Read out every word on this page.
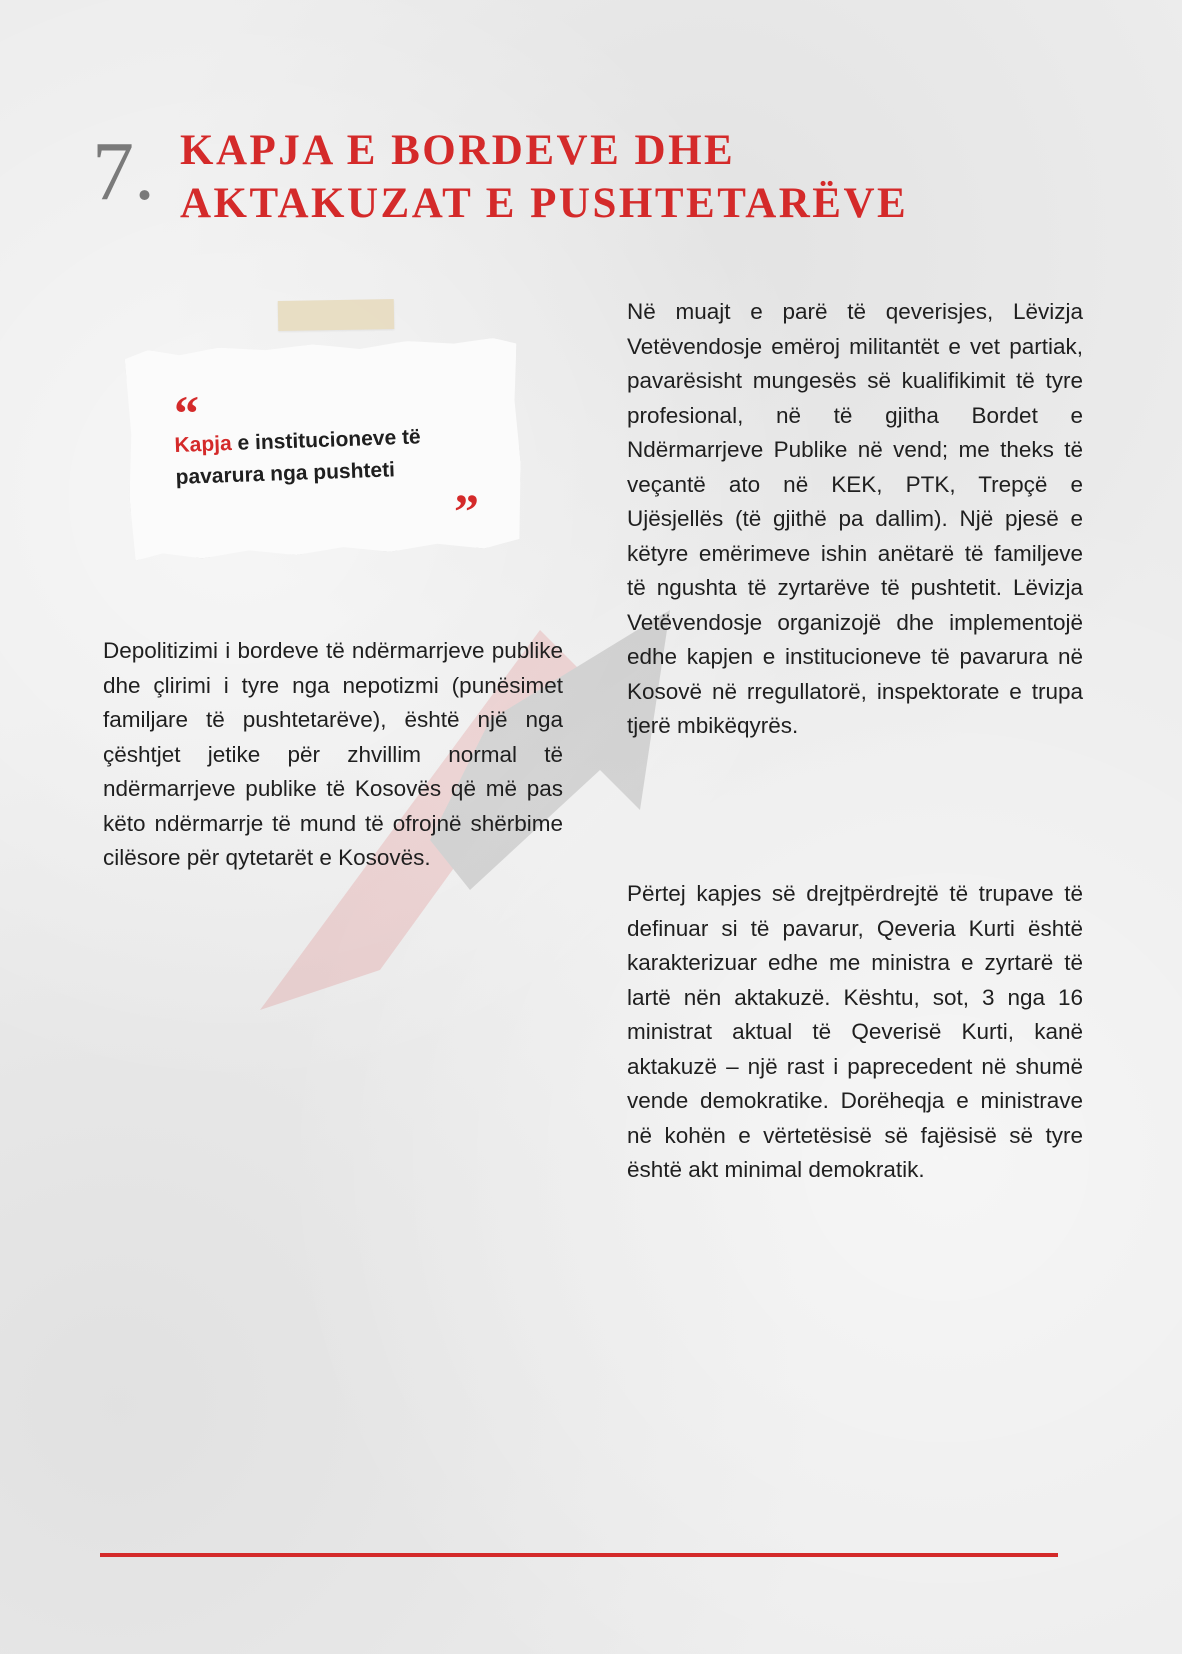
7. KAPJA E BORDEVE DHE
AKTAKUZAT E PUSHTETARËVE
“

Kapja e institucioneve të pavarura nga pushteti

”

Depolitizimi i bordeve të ndërmarrjeve publike dhe çlirimi i tyre nga nepotizmi (punësimet familjare të pushtetarëve), është një nga çështjet jetike për zhvillim normal të ndërmarrjeve publike të Kosovës që më pas këto ndërmarrje të mund të ofrojnë shërbime cilësore për qytetarët e Kosovës.

Në muajt e parë të qeverisjes, Lëvizja Vetëvendosje emëroj militantët e vet partiak, pavarësisht mungesës së kualifikimit të tyre profesional, në të gjitha Bordet e Ndërmarrjeve Publike në vend; me theks të veçantë ato në KEK, PTK, Trepçë e Ujësjellës (të gjithë pa dallim). Një pjesë e këtyre emërimeve ishin anëtarë të familjeve të ngushta të zyrtarëve të pushtetit. Lëvizja Vetëvendosje organizojë dhe implementojë edhe kapjen e institucioneve të pavarura në Kosovë në rregullatorë, inspektorate e trupa tjerë mbikëqyrës.

Përtej kapjes së drejtpërdrejtë të trupave të definuar si të pavarur, Qeveria Kurti është karakterizuar edhe me ministra e zyrtarë të lartë nën aktakuzë. Kështu, sot, 3 nga 16 ministrat aktual të Qeverisë Kurti, kanë aktakuzë – një rast i paprecedent në shumë vende demokratike. Dorëheqja e ministrave në kohën e vërtetësisë së fajësisë së tyre është akt minimal demokratik.
